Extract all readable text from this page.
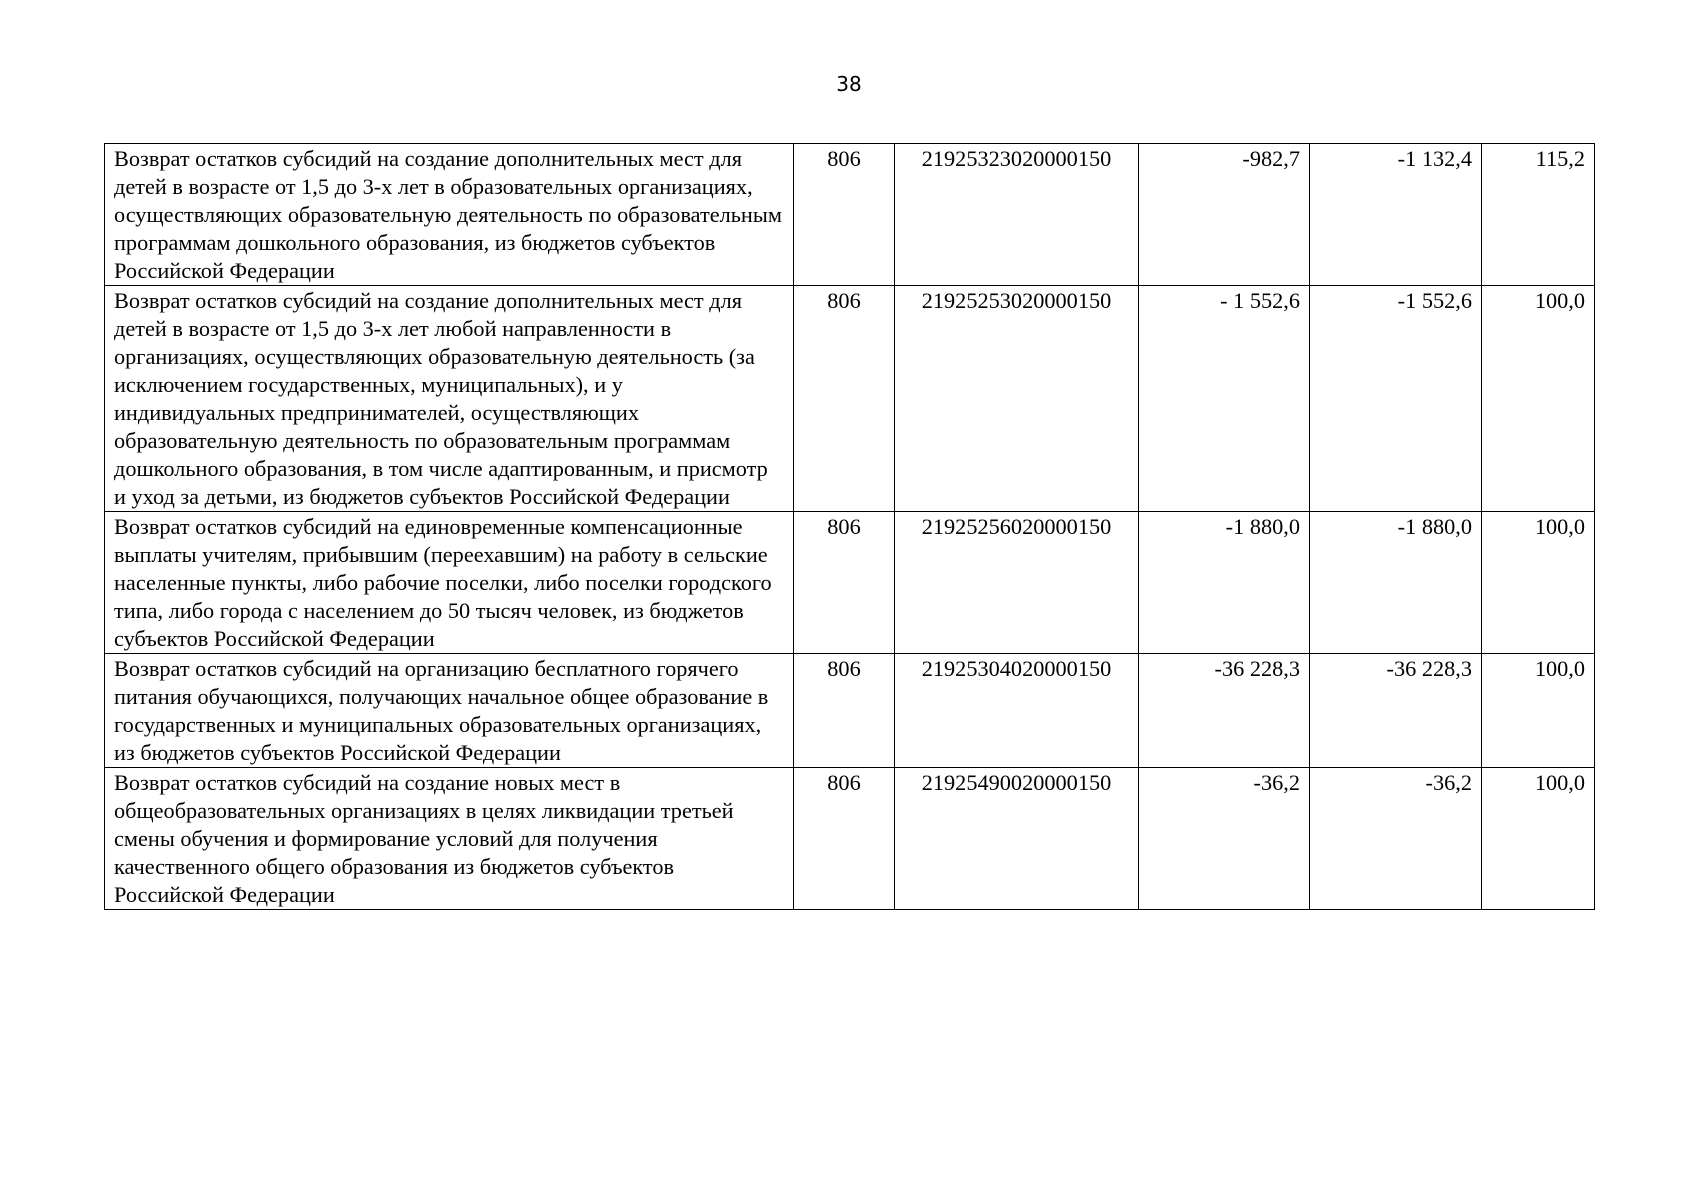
38
Возврат остатков субсидий на создание дополнительных мест для детей в возрасте от 1,5 до 3-х лет в образовательных организациях, осуществляющих образовательную деятельность по образовательным программам дошкольного образования, из бюджетов субъектов Российской Федерации	806	21925323020000150	-982,7	-1 132,4	115,2
Возврат остатков субсидий на создание дополнительных мест для детей в возрасте от 1,5 до 3-х лет любой направленности в организациях, осуществляющих образовательную деятельность (за исключением государственных, муниципальных), и у индивидуальных предпринимателей, осуществляющих образовательную деятельность по образовательным программам дошкольного образования, в том числе адаптированным, и присмотр и уход за детьми, из бюджетов субъектов Российской Федерации	806	21925253020000150	- 1 552,6	-1 552,6	100,0
Возврат остатков субсидий на единовременные компенсационные выплаты учителям, прибывшим (переехавшим) на работу в сельские населенные пункты, либо рабочие поселки, либо поселки городского типа, либо города с населением до 50 тысяч человек, из бюджетов субъектов Российской Федерации	806	21925256020000150	-1 880,0	-1 880,0	100,0
Возврат остатков субсидий на организацию бесплатного горячего питания обучающихся, получающих начальное общее образование в государственных и муниципальных образовательных организациях, из бюджетов субъектов Российской Федерации	806	21925304020000150	-36 228,3	-36 228,3	100,0
Возврат остатков субсидий на создание новых мест в общеобразовательных организациях в целях ликвидации третьей смены обучения и формирование условий для получения качественного общего образования из бюджетов субъектов Российской Федерации	806	21925490020000150	-36,2	-36,2	100,0
